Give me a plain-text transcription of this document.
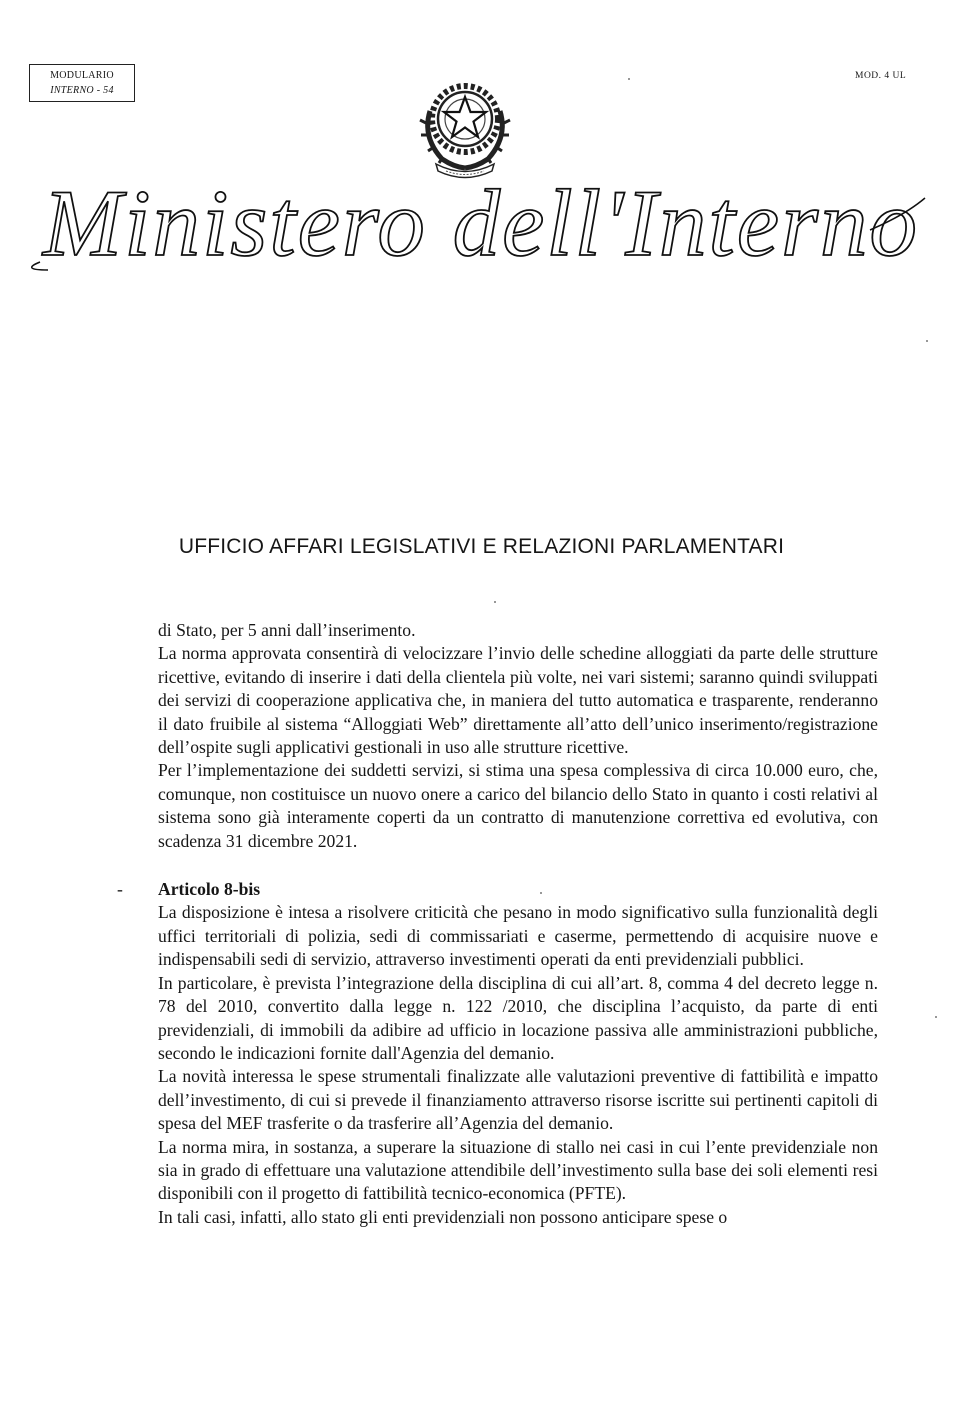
MODULARIO
INTERNO - 54
MOD. 4 UL
Ministero dell'Interno
UFFICIO AFFARI LEGISLATIVI E RELAZIONI PARLAMENTARI

di Stato, per 5 anni dall’inserimento.

La norma approvata consentirà di velocizzare l’invio delle schedine alloggiati da parte delle strutture ricettive, evitando di inserire i dati della clientela più volte, nei vari sistemi; saranno quindi sviluppati dei servizi di cooperazione applicativa che, in maniera del tutto automatica e trasparente, renderanno il dato fruibile al sistema “Alloggiati Web” direttamente all’atto dell’unico inserimento/registrazione dell’ospite sugli applicativi gestionali in uso alle strutture ricettive.

Per l’implementazione dei suddetti servizi, si stima una spesa complessiva di circa 10.000 euro, che, comunque, non costituisce un nuovo onere a carico del bilancio dello Stato in quanto i costi relativi al sistema sono già interamente coperti da un contratto di manutenzione correttiva ed evolutiva, con scadenza 31 dicembre 2021.

- Articolo 8-bis

La disposizione è intesa a risolvere criticità che pesano in modo significativo sulla funzionalità degli uffici territoriali di polizia, sedi di commissariati e caserme, permettendo di acquisire nuove e indispensabili sedi di servizio, attraverso investimenti operati da enti previdenziali pubblici.

In particolare, è prevista l’integrazione della disciplina di cui all’art. 8, comma 4 del decreto legge n. 78 del 2010, convertito dalla legge n. 122 /2010, che disciplina l’acquisto, da parte di enti previdenziali, di immobili da adibire ad ufficio in locazione passiva alle amministrazioni pubbliche, secondo le indicazioni fornite dall'Agenzia del demanio.

La novità interessa le spese strumentali finalizzate alle valutazioni preventive di fattibilità e impatto dell’investimento, di cui si prevede il finanziamento attraverso risorse iscritte sui pertinenti capitoli di spesa del MEF trasferite o da trasferire all’Agenzia del demanio.

La norma mira, in sostanza, a superare la situazione di stallo nei casi in cui l’ente previdenziale non sia in grado di effettuare una valutazione attendibile dell’investimento sulla base dei soli elementi resi disponibili con il progetto di fattibilità tecnico-economica (PFTE).

In tali casi, infatti, allo stato gli enti previdenziali non possono anticipare spese o
